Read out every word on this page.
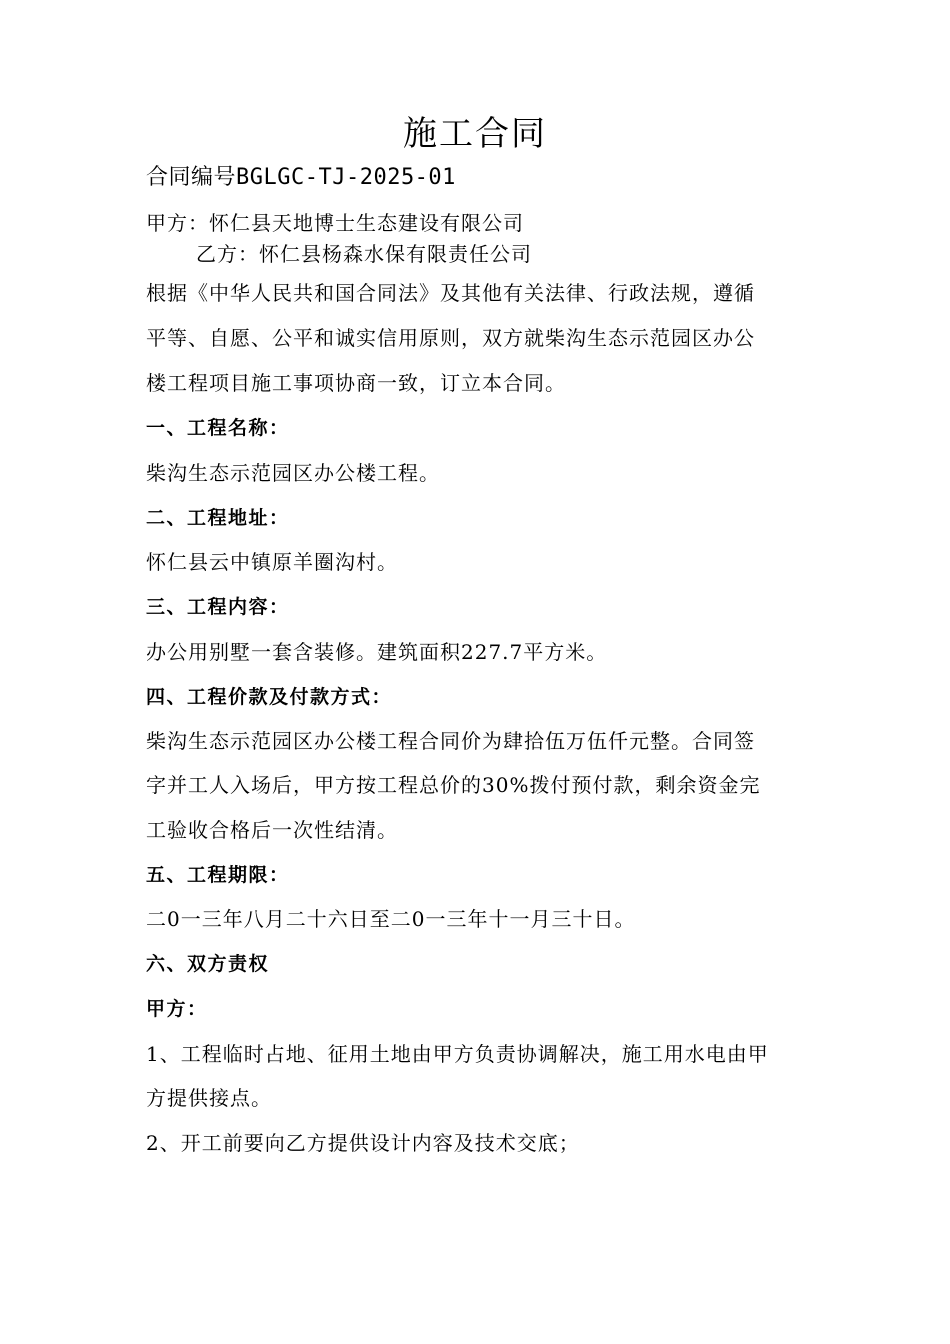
施工合同
合同编号BGLGC-TJ-2025-01
甲方：怀仁县天地博士生态建设有限公司
乙方：怀仁县杨森水保有限责任公司
根据《中华人民共和国合同法》及其他有关法律、行政法规，遵循
平等、自愿、公平和诚实信用原则，双方就柴沟生态示范园区办公
楼工程项目施工事项协商一致，订立本合同。
一、工程名称：
柴沟生态示范园区办公楼工程。
二、工程地址：
怀仁县云中镇原羊圈沟村。
三、工程内容：
办公用别墅一套含装修。建筑面积227.7平方米。
四、工程价款及付款方式：
柴沟生态示范园区办公楼工程合同价为肆拾伍万伍仟元整。合同签
字并工人入场后，甲方按工程总价的30%拨付预付款，剩余资金完
工验收合格后一次性结清。
五、工程期限：
二0一三年八月二十六日至二0一三年十一月三十日。
六、双方责权
甲方：
1、工程临时占地、征用土地由甲方负责协调解决，施工用水电由甲
方提供接点。
2、开工前要向乙方提供设计内容及技术交底；
